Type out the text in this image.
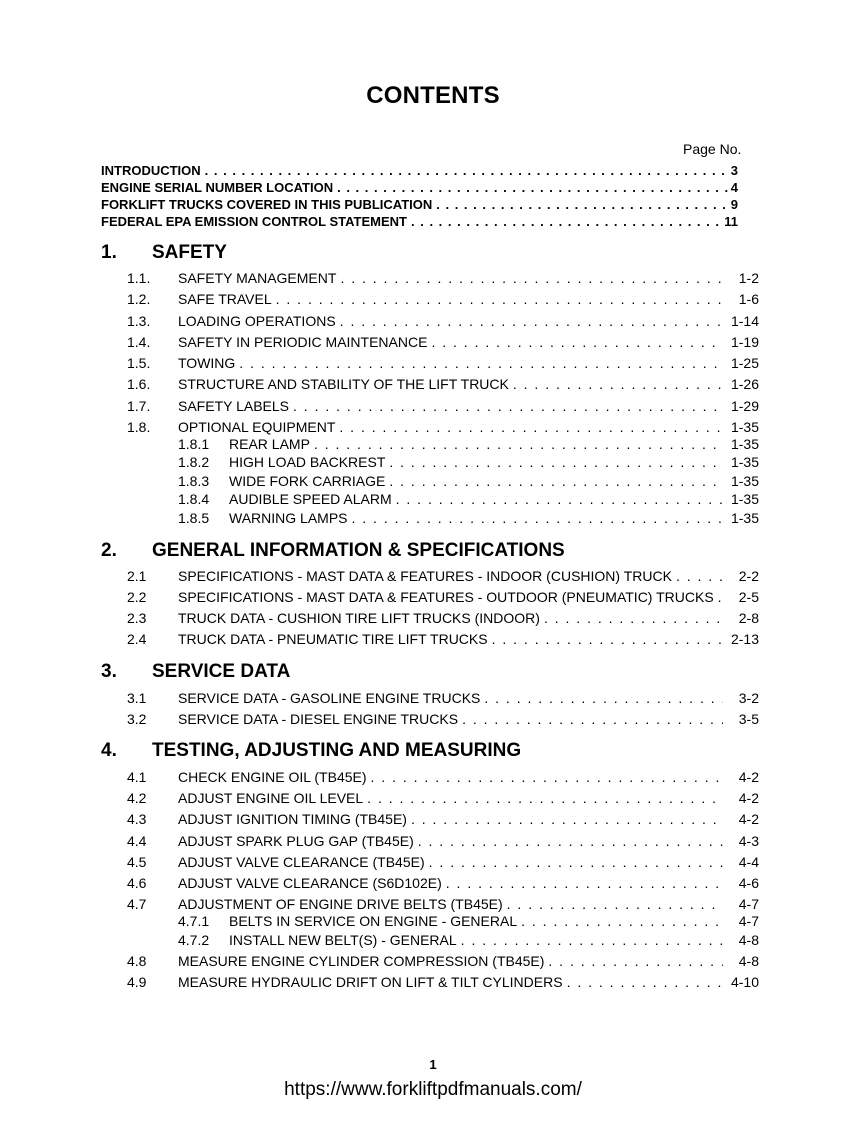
CONTENTS
Page No.
INTRODUCTION . . .	3
ENGINE SERIAL NUMBER LOCATION . . .	4
FORKLIFT TRUCKS COVERED IN THIS PUBLICATION . . .	9
FEDERAL EPA EMISSION CONTROL STATEMENT . . .	11
1.	SAFETY
1.1.	SAFETY MANAGEMENT . . .	1-2
1.2.	SAFE TRAVEL . . .	1-6
1.3.	LOADING OPERATIONS . . .	1-14
1.4.	SAFETY IN PERIODIC MAINTENANCE . . .	1-19
1.5.	TOWING . . .	1-25
1.6.	STRUCTURE AND STABILITY OF THE LIFT TRUCK . . .	1-26
1.7.	SAFETY LABELS . . .	1-29
1.8.	OPTIONAL EQUIPMENT . . .	1-35
1.8.1	REAR LAMP . . .	1-35
1.8.2	HIGH LOAD BACKREST . . .	1-35
1.8.3	WIDE FORK CARRIAGE . . .	1-35
1.8.4	AUDIBLE SPEED ALARM . . .	1-35
1.8.5	WARNING LAMPS . . .	1-35
2.	GENERAL INFORMATION & SPECIFICATIONS
2.1	SPECIFICATIONS - MAST DATA & FEATURES - INDOOR (CUSHION) TRUCK . . .	2-2
2.2	SPECIFICATIONS - MAST DATA & FEATURES - OUTDOOR (PNEUMATIC) TRUCKS . . .	2-5
2.3	TRUCK DATA - CUSHION TIRE LIFT TRUCKS (INDOOR) . . .	2-8
2.4	TRUCK DATA - PNEUMATIC TIRE LIFT TRUCKS . . .	2-13
3.	SERVICE DATA
3.1	SERVICE DATA - GASOLINE ENGINE TRUCKS . . .	3-2
3.2	SERVICE DATA - DIESEL ENGINE TRUCKS . . .	3-5
4.	TESTING, ADJUSTING AND MEASURING
4.1	CHECK ENGINE OIL (TB45E) . . .	4-2
4.2	ADJUST ENGINE OIL LEVEL . . .	4-2
4.3	ADJUST IGNITION TIMING (TB45E) . . .	4-2
4.4	ADJUST SPARK PLUG GAP (TB45E) . . .	4-3
4.5	ADJUST VALVE CLEARANCE (TB45E) . . .	4-4
4.6	ADJUST VALVE CLEARANCE (S6D102E) . . .	4-6
4.7	ADJUSTMENT OF ENGINE DRIVE BELTS (TB45E) . . .	4-7
4.7.1	BELTS IN SERVICE ON ENGINE - GENERAL . . .	4-7
4.7.2	INSTALL NEW BELT(S) - GENERAL . . .	4-8
4.8	MEASURE ENGINE CYLINDER COMPRESSION (TB45E) . . .	4-8
4.9	MEASURE HYDRAULIC DRIFT ON LIFT & TILT CYLINDERS . . .	4-10
1
https://www.forkliftpdfmanuals.com/
